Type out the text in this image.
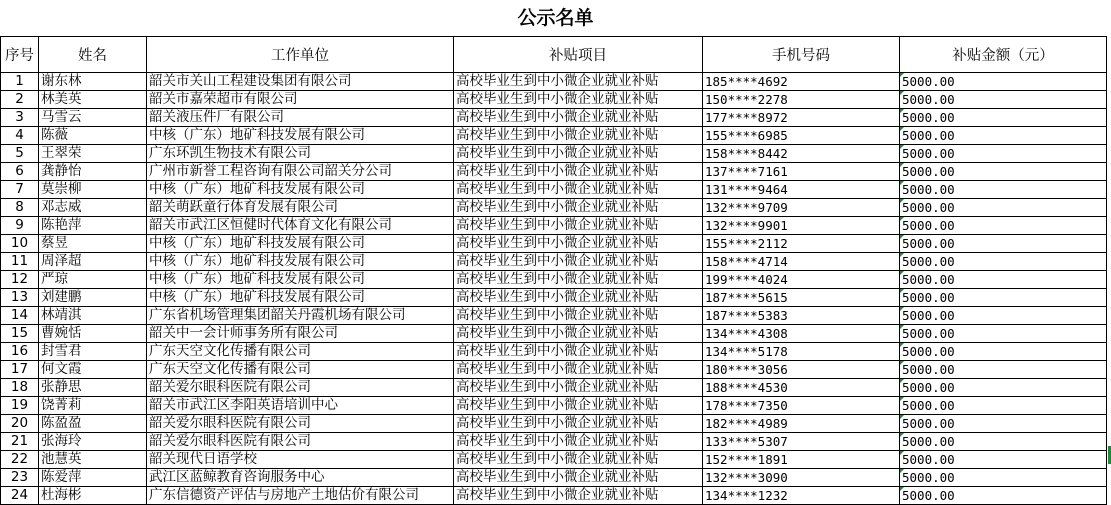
公示名单
序号	姓名	工作单位	补贴项目	手机号码	补贴金额（元）
1	谢东林	韶关市关山工程建设集团有限公司	高校毕业生到中小微企业就业补贴	185****4692	5000.00
2	林美英	韶关市嘉荣超市有限公司	高校毕业生到中小微企业就业补贴	150****2278	5000.00
3	马雪云	韶关液压件厂有限公司	高校毕业生到中小微企业就业补贴	177****8972	5000.00
4	陈薇	中核（广东）地矿科技发展有限公司	高校毕业生到中小微企业就业补贴	155****6985	5000.00
5	王翠荣	广东环凯生物技术有限公司	高校毕业生到中小微企业就业补贴	158****8442	5000.00
6	龚静怡	广州市新誉工程咨询有限公司韶关分公司	高校毕业生到中小微企业就业补贴	137****7161	5000.00
7	莫崇柳	中核（广东）地矿科技发展有限公司	高校毕业生到中小微企业就业补贴	131****9464	5000.00
8	邓志威	韶关萌跃童行体育发展有限公司	高校毕业生到中小微企业就业补贴	132****9709	5000.00
9	陈艳萍	韶关市武江区恒健时代体育文化有限公司	高校毕业生到中小微企业就业补贴	132****9901	5000.00
10	蔡昱	中核（广东）地矿科技发展有限公司	高校毕业生到中小微企业就业补贴	155****2112	5000.00
11	周泽超	中核（广东）地矿科技发展有限公司	高校毕业生到中小微企业就业补贴	158****4714	5000.00
12	严琼	中核（广东）地矿科技发展有限公司	高校毕业生到中小微企业就业补贴	199****4024	5000.00
13	刘建鹏	中核（广东）地矿科技发展有限公司	高校毕业生到中小微企业就业补贴	187****5615	5000.00
14	林靖淇	广东省机场管理集团韶关丹霞机场有限公司	高校毕业生到中小微企业就业补贴	187****5383	5000.00
15	曹婉恬	韶关中一会计师事务所有限公司	高校毕业生到中小微企业就业补贴	134****4308	5000.00
16	封雪君	广东天空文化传播有限公司	高校毕业生到中小微企业就业补贴	134****5178	5000.00
17	何文霞	广东天空文化传播有限公司	高校毕业生到中小微企业就业补贴	180****3056	5000.00
18	张静思	韶关爱尔眼科医院有限公司	高校毕业生到中小微企业就业补贴	188****4530	5000.00
19	饶菁莉	韶关市武江区李阳英语培训中心	高校毕业生到中小微企业就业补贴	178****7350	5000.00
20	陈盈盈	韶关爱尔眼科医院有限公司	高校毕业生到中小微企业就业补贴	182****4989	5000.00
21	张海玲	韶关爱尔眼科医院有限公司	高校毕业生到中小微企业就业补贴	133****5307	5000.00
22	池慧英	韶关现代日语学校	高校毕业生到中小微企业就业补贴	152****1891	5000.00
23	陈爱萍	武江区蓝鲸教育咨询服务中心	高校毕业生到中小微企业就业补贴	132****3090	5000.00
24	杜海彬	广东信德资产评估与房地产土地估价有限公司	高校毕业生到中小微企业就业补贴	134****1232	5000.00
